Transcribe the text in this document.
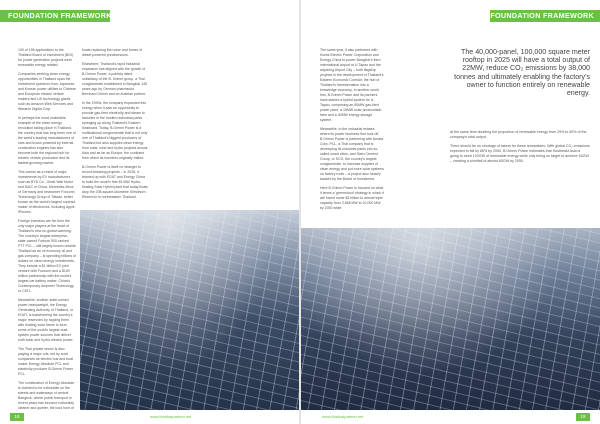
FOUNDATION FRAMEWORK

100 of 195 applications to the Thailand Board of Investment (BOI) for power generation projects were renewable energy related.

Companies seeking clean energy opportunities in Thailand span the investment spectrum from Japanese and Korean power utilities to Chinese and European electric vehicle makers and US technology giants such as Amazon Web Services and Western Digital Corp.

In perhaps the most noticeable example of the clean energy revolution taking place in Thailand, the country that has long been one of the world's leading manufacturers of cars and trucks powered by internal combustion engines has also become both the regional hub for electric vehicle production and its fastest growing market.

This comes as a result of major investments by EV manufacturers such as BYD Co., Great Wall Motor and SAIC of China, Mercedes-Benz of Germany and newcomer Foxconn Technology Group of Taiwan, better known as the world's largest contract maker of electronics, including Apple iPhones.

Foreign investors are far from the only major players at the heart of Thailand's new un-global warming. The country's largest enterprise, state-owned Fortune 500-ranked PTT PCL – still largely known outside Thailand as an oil economy oil and gas company – is spending billions of dollars on clean energy investments. They include a $1 billion EV joint venture with Foxconn and a $100 million partnership with the world's largest car battery maker, China's Contemporary Amperex Technology, or CATL.

Meanwhile, another state-owned power heavyweight, the Energy Generating Authority of Thailand, or EGAT, is transforming the country's major reservoirs by topping them with floating solar farms to form some of the world's largest dual-system power sources that deliver both solar and hydro-electric power.

The Thai private sector is also playing a major role, led by such companies as electric bus and boat maker Energy Absolute PCL and electricity producer B.Grimm Power PCL.

The combination of Energy Absolute is claimed to be noticeable on the streets and waterways of central Bangkok, where public transport in recent years has become noticeably cleaner and quieter, the loud hum of

boats replacing the noise and fumes of diesel-powered predecessors.

Elsewhere, Thailand's rapid industrial expansion has aligned with the growth of B.Grimm Power, a publicly listed subsidiary of the B. Grimm group, a Thai conglomerate established in Bangkok 145 years ago by German pharmacist Bernhard Grimm and an Austrian partner.

In the 1990s, the company expanded into energy when it saw an opportunity to provide gas-fired electricity and steam to factories in the modern industrial parks springing up along Thailand's Eastern Seaboard. Today, B.Grimm Power is a multinational conglomerate that is not only one of Thailand's biggest producers of Thailand but also supplies clean energy from solar, wind and hydro projects across Asia and as far as Europe, the continent from which its founders originally hailed.

B.Grimm Power is itself no stranger to record-breaking projects – in 2025, it teamed up with EGAT and Energy China to build the world's first 45-MW Hydro-floating Solar Hybrid plant that today floats atop the 208-square-kilometre Sirindhorn Reservoir in northeastern Thailand.

18	www.thisthaipartner.net
FOUNDATION FRAMEWORK

The same year, it also partnered with Korea Electric Power Corporation and Energy China to power Bangkok's third international airport at U-Tapao and the adjoining Airport City – both flagship projects in the development of Thailand's Eastern Economic Corridor, the hub of Thailand's transformation into a knowledge economy. In another world first, B.Grimm Power and its partners have started a hybrid system for U-Tapao, comprising an 80MW gas-fired power plant, a 15MW solar photovoltaic farm and a 30MW energy storage system.

Meanwhile, in the industrial estates where its power business first took off, B.Grimm Power is partnering with Amata Corp. PCL, a Thai company that is developing its industrial parks into so-called smart cities, and Siam Cement Group, or SCG, the country's largest conglomerate, to increase supplies of clean energy and put more solar systems on factory roofs – a project also heavily backed by the Board of Investment.

Here B.Grimm Power is focused on what it terms a 'greenshoot' strategy in which it will invest some $3 billion to almost triple capacity from 3,668 MW to 10,000 MW by 2030 while

at the same time doubling the proportion of renewable energy from 29% to 50% of the company's total output.

There should be no shortage of takers for these renewables. With global CO₂ emissions expected to fall by 85% by 2050, B.Grimm Power estimates that Southeast Asia is going to need 100GW of renewable energy while only being on target to achieve 54GW – creating a shortfall of almost 60GW by 2050.

The 40,000-panel, 100,000 square meter rooftop in 2025 will have a total output of 22MW, reduce CO₂ emissions by 38,000 tonnes and ultimately enabling the factory's owner to function entirely on renewable energy.
www.thisthaipartner.net	19
